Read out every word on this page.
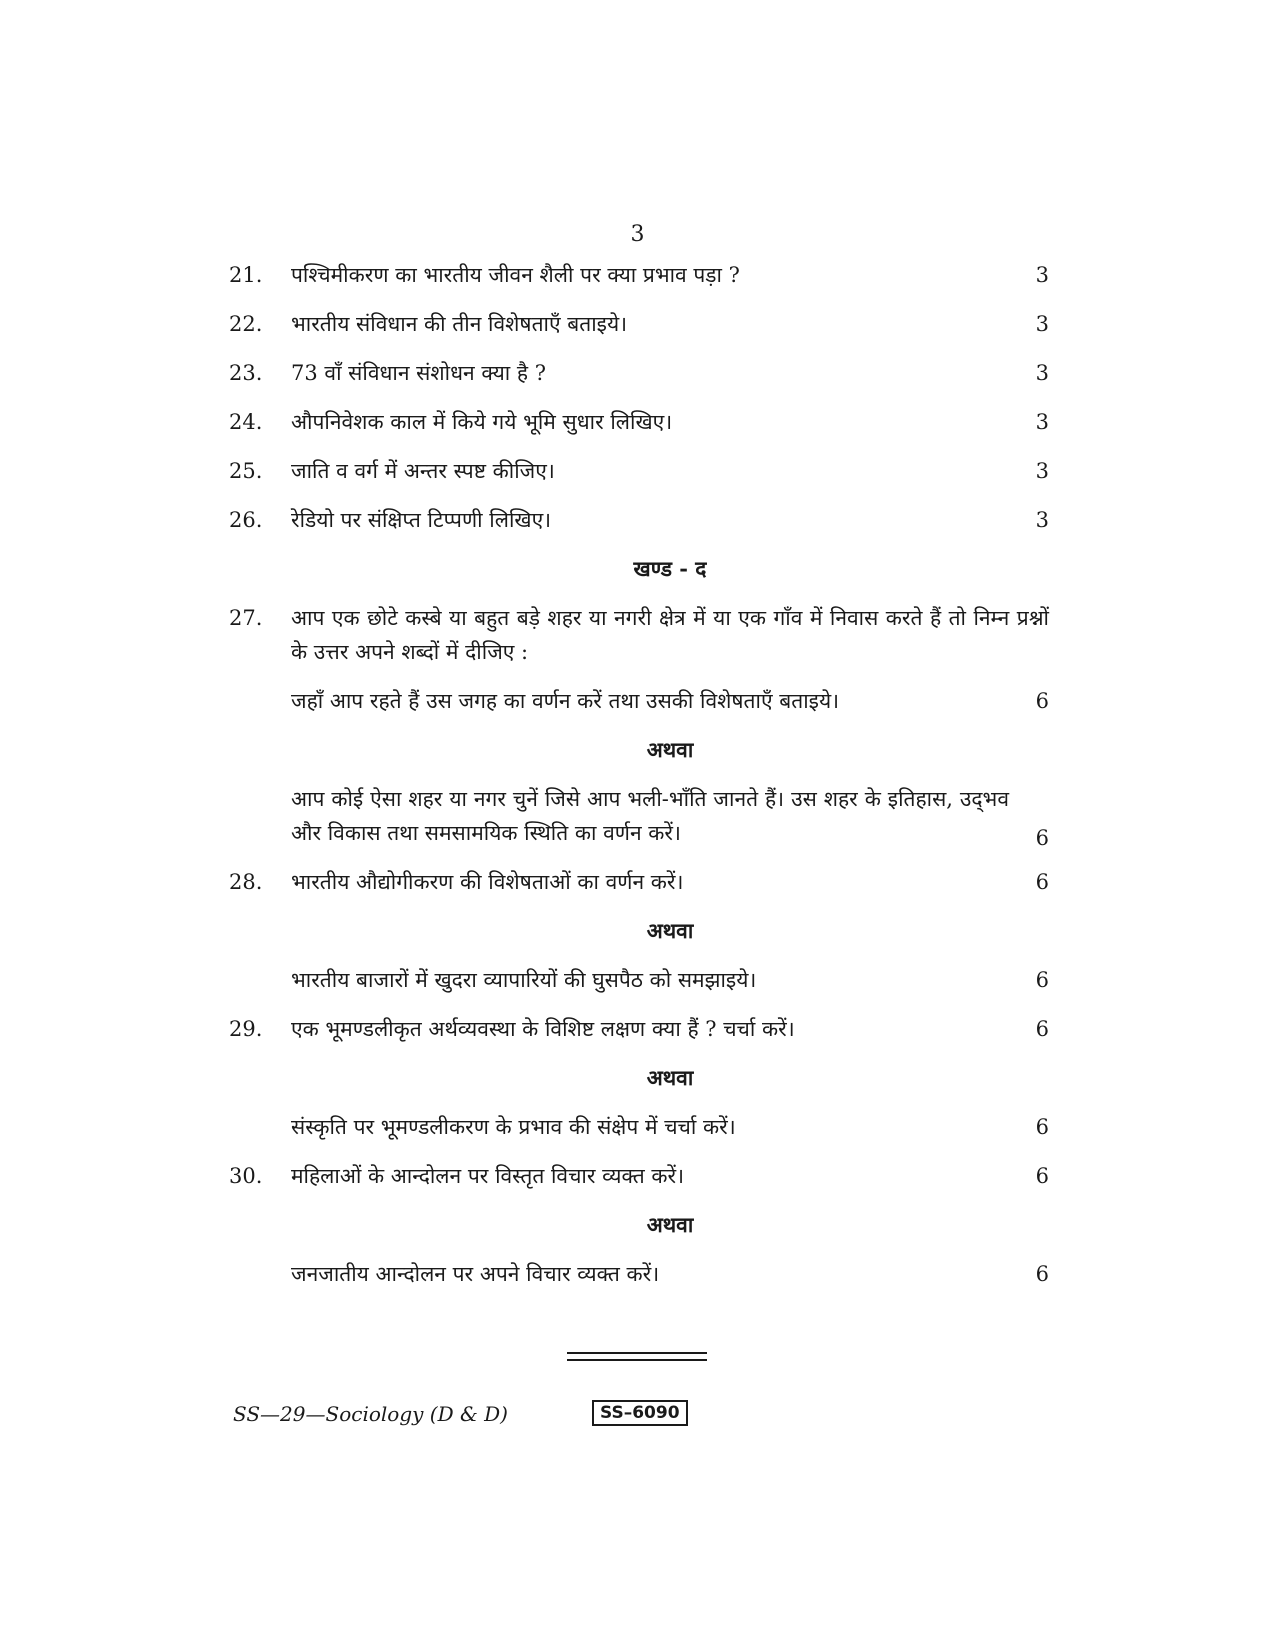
3
21.	पश्चिमीकरण का भारतीय जीवन शैली पर क्या प्रभाव पड़ा ?	3
22.	भारतीय संविधान की तीन विशेषताएँ बताइये।	3
23.	73 वाँ संविधान संशोधन क्या है ?	3
24.	औपनिवेशक काल में किये गये भूमि सुधार लिखिए।	3
25.	जाति व वर्ग में अन्तर स्पष्ट कीजिए।	3
26.	रेडियो पर संक्षिप्त टिप्पणी लिखिए।	3
खण्ड - द
27.	आप एक छोटे कस्बे या बहुत बड़े शहर या नगरी क्षेत्र में या एक गाँव में निवास करते हैं तो निम्न प्रश्नों के उत्तर अपने शब्दों में दीजिए :
जहाँ आप रहते हैं उस जगह का वर्णन करें तथा उसकी विशेषताएँ बताइये।	6
अथवा
आप कोई ऐसा शहर या नगर चुनें जिसे आप भली-भाँति जानते हैं। उस शहर के इतिहास, उद्‌भव और विकास तथा समसामयिक स्थिति का वर्णन करें।	6
28.	भारतीय औद्योगीकरण की विशेषताओं का वर्णन करें।	6
अथवा
भारतीय बाजारों में खुदरा व्यापारियों की घुसपैठ को समझाइये।	6
29.	एक भूमण्डलीकृत अर्थव्यवस्था के विशिष्ट लक्षण क्या हैं ? चर्चा करें।	6
अथवा
संस्कृति पर भूमण्डलीकरण के प्रभाव की संक्षेप में चर्चा करें।	6
30.	महिलाओं के आन्दोलन पर विस्तृत विचार व्यक्त करें।	6
अथवा
जनजातीय आन्दोलन पर अपने विचार व्यक्त करें।	6
SS—29—Sociology (D & D)	SS–6090
